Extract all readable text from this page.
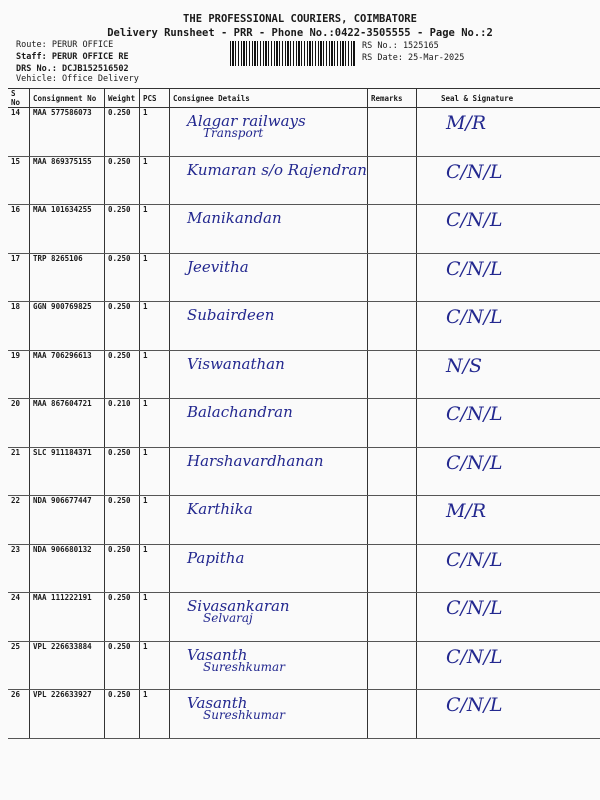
THE PROFESSIONAL COURIERS, COIMBATORE
Delivery Runsheet - PRR - Phone No.:0422-3505555 - Page No.:2
Route: PERUR OFFICE
Staff: PERUR OFFICE RE
DRS No.: DCJB152516502
Vehicle: Office Delivery
RS No.: 1525165
RS Date: 25-Mar-2025
S No	Consignment No	Weight	PCS	Consignee Details	Remarks	Seal & Signature
14	MAA 577586073	0.250	1	Alagar railways
Transport		M/R

15	MAA 869375155	0.250	1	Kumaran s/o Rajendran		C/N/L

16	MAA 101634255	0.250	1	Manikandan		C/N/L

17	TRP 8265106	0.250	1	Jeevitha		C/N/L

18	GGN 900769825	0.250	1	Subairdeen		C/N/L

19	MAA 706296613	0.250	1	Viswanathan		N/S

20	MAA 867604721	0.210	1	Balachandran		C/N/L

21	SLC 911184371	0.250	1	Harshavardhanan		C/N/L

22	NDA 906677447	0.250	1	Karthika		M/R

23	NDA 906680132	0.250	1	Papitha		C/N/L

24	MAA 111222191	0.250	1	Sivasankaran
Selvaraj		C/N/L

25	VPL 226633884	0.250	1	Vasanth
Sureshkumar		C/N/L

26	VPL 226633927	0.250	1	Vasanth
Sureshkumar		C/N/L
